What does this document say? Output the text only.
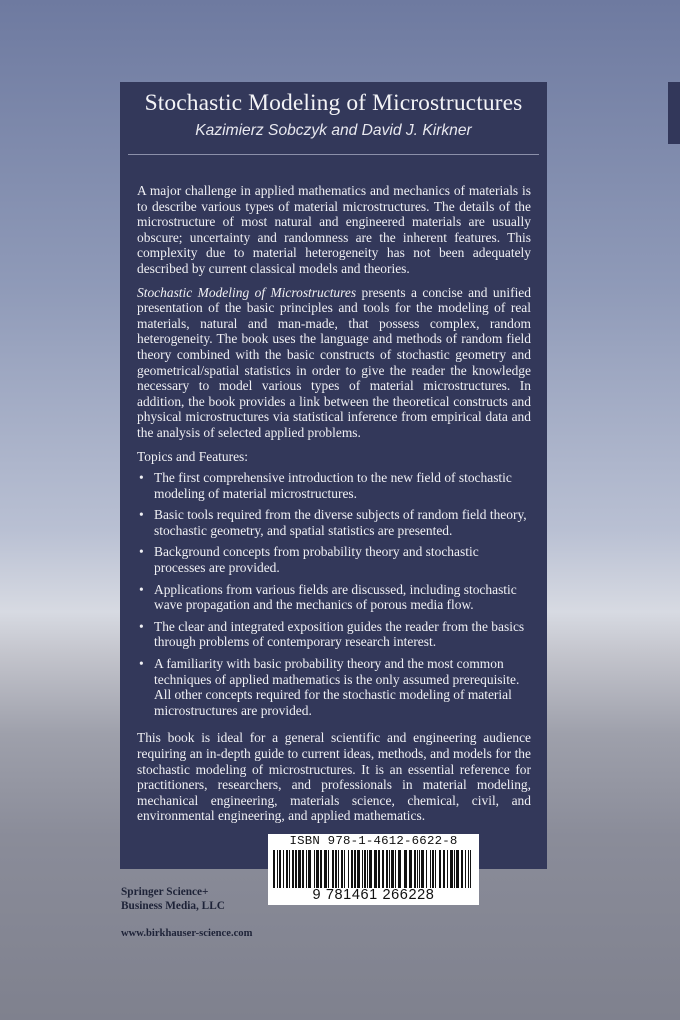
Stochastic Modeling of Microstructures
Kazimierz Sobczyk and David J. Kirkner

A major challenge in applied mathematics and mechanics of materials is to describe various types of material microstructures. The details of the microstructure of most natural and engineered materials are usually obscure; uncertainty and randomness are the inherent features. This complexity due to material heterogeneity has not been adequately described by current classical models and theories.

Stochastic Modeling of Microstructures presents a concise and unified presentation of the basic principles and tools for the modeling of real materials, natural and man-made, that possess complex, random heterogeneity. The book uses the language and methods of random field theory combined with the basic constructs of stochastic geometry and geometrical/spatial statistics in order to give the reader the knowledge necessary to model various types of material microstructures. In addition, the book provides a link between the theoretical constructs and physical microstructures via statistical inference from empirical data and the analysis of selected applied problems.

Topics and Features:

• The first comprehensive introduction to the new field of stochastic modeling of material microstructures.
• Basic tools required from the diverse subjects of random field theory, stochastic geometry, and spatial statistics are presented.
• Background concepts from probability theory and stochastic processes are provided.
• Applications from various fields are discussed, including stochastic wave propagation and the mechanics of porous media flow.
• The clear and integrated exposition guides the reader from the basics through problems of contemporary research interest.
• A familiarity with basic probability theory and the most common techniques of applied mathematics is the only assumed prerequisite. All other concepts required for the stochastic modeling of material microstructures are provided.

This book is ideal for a general scientific and engineering audience requiring an in-depth guide to current ideas, methods, and models for the stochastic modeling of microstructures. It is an essential reference for practitioners, researchers, and professionals in material modeling, mechanical engineering, materials science, chemical, civil, and environmental engineering, and applied mathematics.

ISBN 978-1-4612-6622-8
9 781461 266228
Springer Science+
Business Media, LLC
www.birkhauser-science.com
